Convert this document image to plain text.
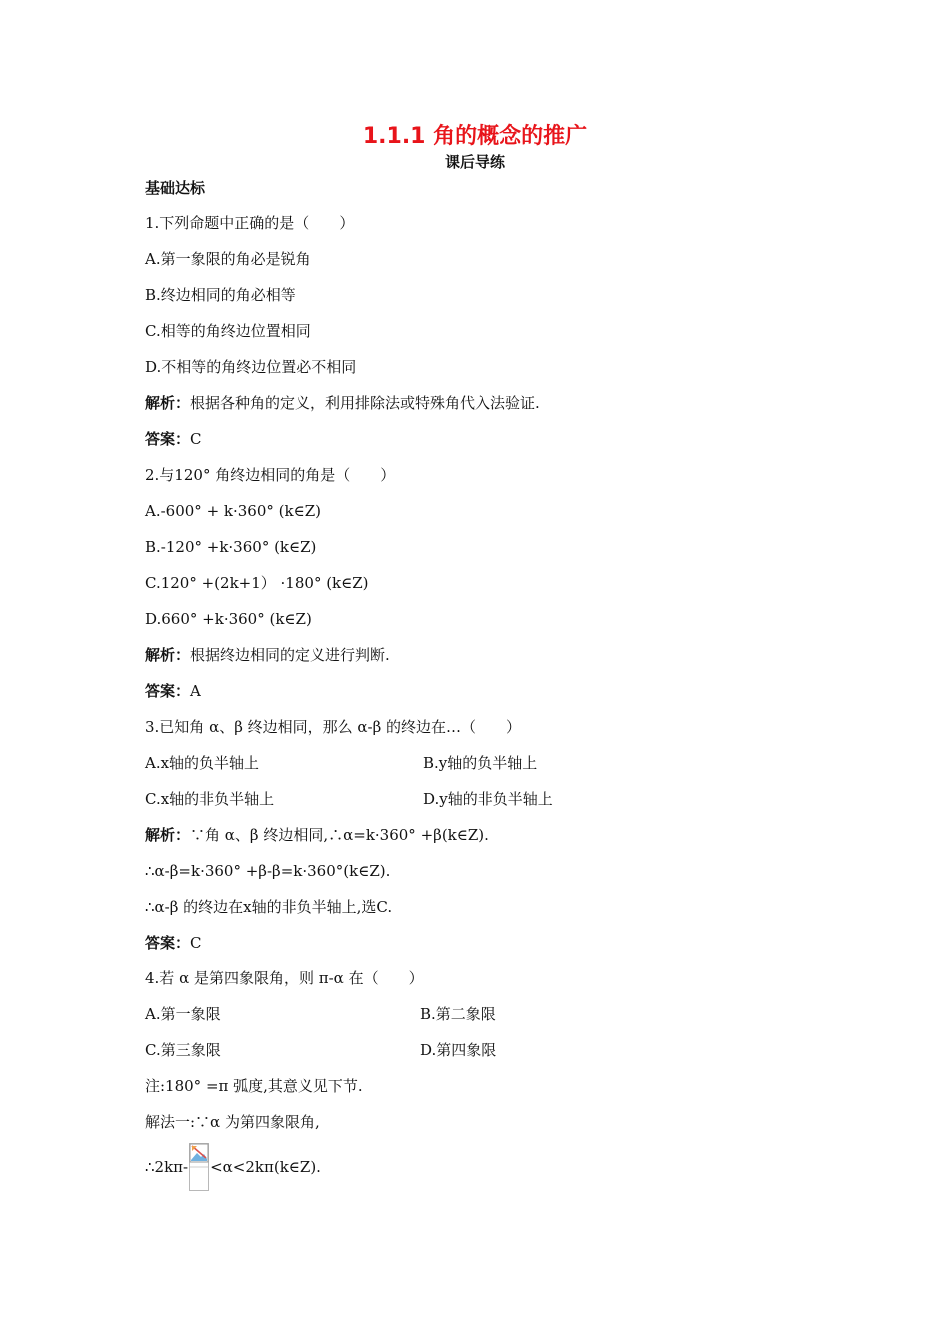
1.1.1 角的概念的推广
课后导练
基础达标
1.下列命题中正确的是（　　）
A.第一象限的角必是锐角
B.终边相同的角必相等
C.相等的角终边位置相同
D.不相等的角终边位置必不相同
解析：根据各种角的定义，利用排除法或特殊角代入法验证.
答案：C
2.与120° 角终边相同的角是（　　）
A.-600° + k·360° (k∈Z)
B.-120° +k·360° (k∈Z)
C.120° +(2k+1） ·180° (k∈Z)
D.660° +k·360° (k∈Z)
解析：根据终边相同的定义进行判断.
答案：A
3.已知角 α、β 终边相同，那么 α-β 的终边在…（　　）
A.x轴的负半轴上	B.y轴的负半轴上
C.x轴的非负半轴上	D.y轴的非负半轴上
解析：∵角 α、β 终边相同,∴α=k·360° +β(k∈Z).
∴α-β=k·360° +β-β=k·360°(k∈Z).
∴α-β 的终边在x轴的非负半轴上,选C.
答案：C
4.若 α 是第四象限角，则 π-α 在（　　）
A.第一象限	B.第二象限
C.第三象限	D.第四象限
注:180° =π 弧度,其意义见下节.
解法一:∵α 为第四象限角,
∴2kπ- <α<2kπ(k∈Z).
